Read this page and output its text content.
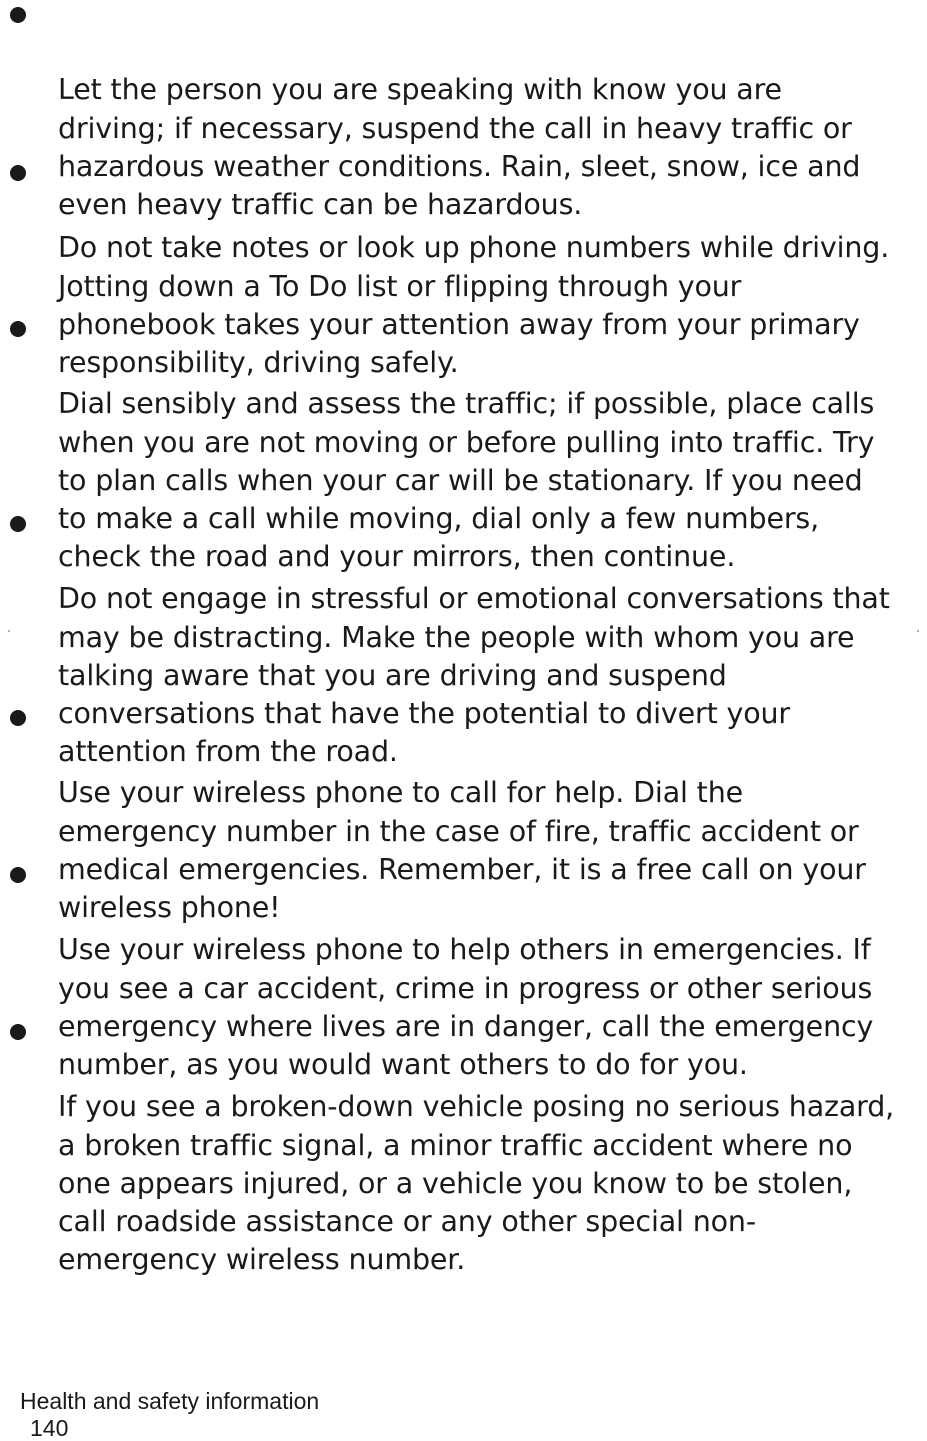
Let the person you are speaking with know you are
driving; if necessary, suspend the call in heavy traffic or
hazardous weather conditions. Rain, sleet, snow, ice and
even heavy traffic can be hazardous.

Do not take notes or look up phone numbers while driving.
Jotting down a To Do list or flipping through your
phonebook takes your attention away from your primary
responsibility, driving safely.

Dial sensibly and assess the traffic; if possible, place calls
when you are not moving or before pulling into traffic. Try
to plan calls when your car will be stationary. If you need
to make a call while moving, dial only a few numbers,
check the road and your mirrors, then continue.

Do not engage in stressful or emotional conversations that
may be distracting. Make the people with whom you are
talking aware that you are driving and suspend
conversations that have the potential to divert your
attention from the road.

Use your wireless phone to call for help. Dial the
emergency number in the case of fire, traffic accident or
medical emergencies. Remember, it is a free call on your
wireless phone!

Use your wireless phone to help others in emergencies. If
you see a car accident, crime in progress or other serious
emergency where lives are in danger, call the emergency
number, as you would want others to do for you.

If you see a broken-down vehicle posing no serious hazard,
a broken traffic signal, a minor traffic accident where no
one appears injured, or a vehicle you know to be stolen,
call roadside assistance or any other special non-
emergency wireless number.

Health and safety information
140
